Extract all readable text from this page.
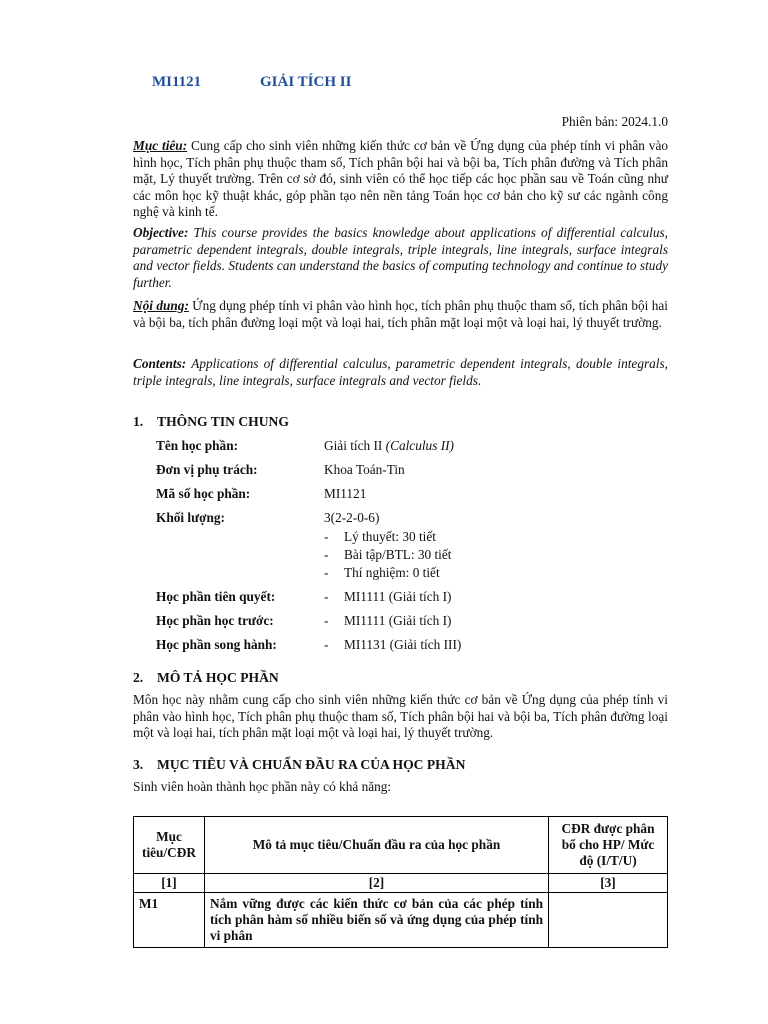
MI1121	GIẢI TÍCH II
Phiên bản: 2024.1.0

Mục tiêu: Cung cấp cho sinh viên những kiến thức cơ bản về Ứng dụng của phép tính vi phân vào hình học, Tích phân phụ thuộc tham số, Tích phân bội hai và bội ba, Tích phân đường và Tích phân mặt, Lý thuyết trường. Trên cơ sở đó, sinh viên có thể học tiếp các học phần sau về Toán cũng như các môn học kỹ thuật khác, góp phần tạo nên nền tảng Toán học cơ bản cho kỹ sư các ngành công nghệ và kinh tế.

Objective: This course provides the basics knowledge about applications of differential calculus, parametric dependent integrals, double integrals, triple integrals, line integrals, surface integrals and vector fields. Students can understand the basics of computing technology and continue to study further.

Nội dung: Ứng dụng phép tính vi phân vào hình học, tích phân phụ thuộc tham số, tích phân bội hai và bội ba, tích phân đường loại một và loại hai, tích phân mặt loại một và loại hai, lý thuyết trường.

Contents: Applications of differential calculus, parametric dependent integrals, double integrals, triple integrals, line integrals, surface integrals and vector fields.

1. THÔNG TIN CHUNG
Tên học phần:	Giải tích II (Calculus II)
Đơn vị phụ trách:	Khoa Toán-Tin
Mã số học phần:	MI1121
Khối lượng:	3(2-2-0-6)
- Lý thuyết: 30 tiết
- Bài tập/BTL: 30 tiết
- Thí nghiệm: 0 tiết
Học phần tiên quyết:	- MI1111 (Giải tích I)
Học phần học trước:	- MI1111 (Giải tích I)
Học phần song hành:	- MI1131 (Giải tích III)
2. MÔ TẢ HỌC PHẦN

Môn học này nhằm cung cấp cho sinh viên những kiến thức cơ bản về Ứng dụng của phép tính vi phân vào hình học, Tích phân phụ thuộc tham số, Tích phân bội hai và bội ba, Tích phân đường loại một và loại hai, tích phân mặt loại một và loại hai, lý thuyết trường.

3. MỤC TIÊU VÀ CHUẨN ĐẦU RA CỦA HỌC PHẦN

Sinh viên hoàn thành học phần này có khả năng:

Mục tiêu/CĐR	Mô tả mục tiêu/Chuẩn đầu ra của học phần	CĐR được phân bổ cho HP/ Mức độ (I/T/U)
[1]	[2]	[3]
M1	Nắm vững được các kiến thức cơ bản của các phép tính tích phân hàm số nhiều biến số và ứng dụng của phép tính vi phân	
